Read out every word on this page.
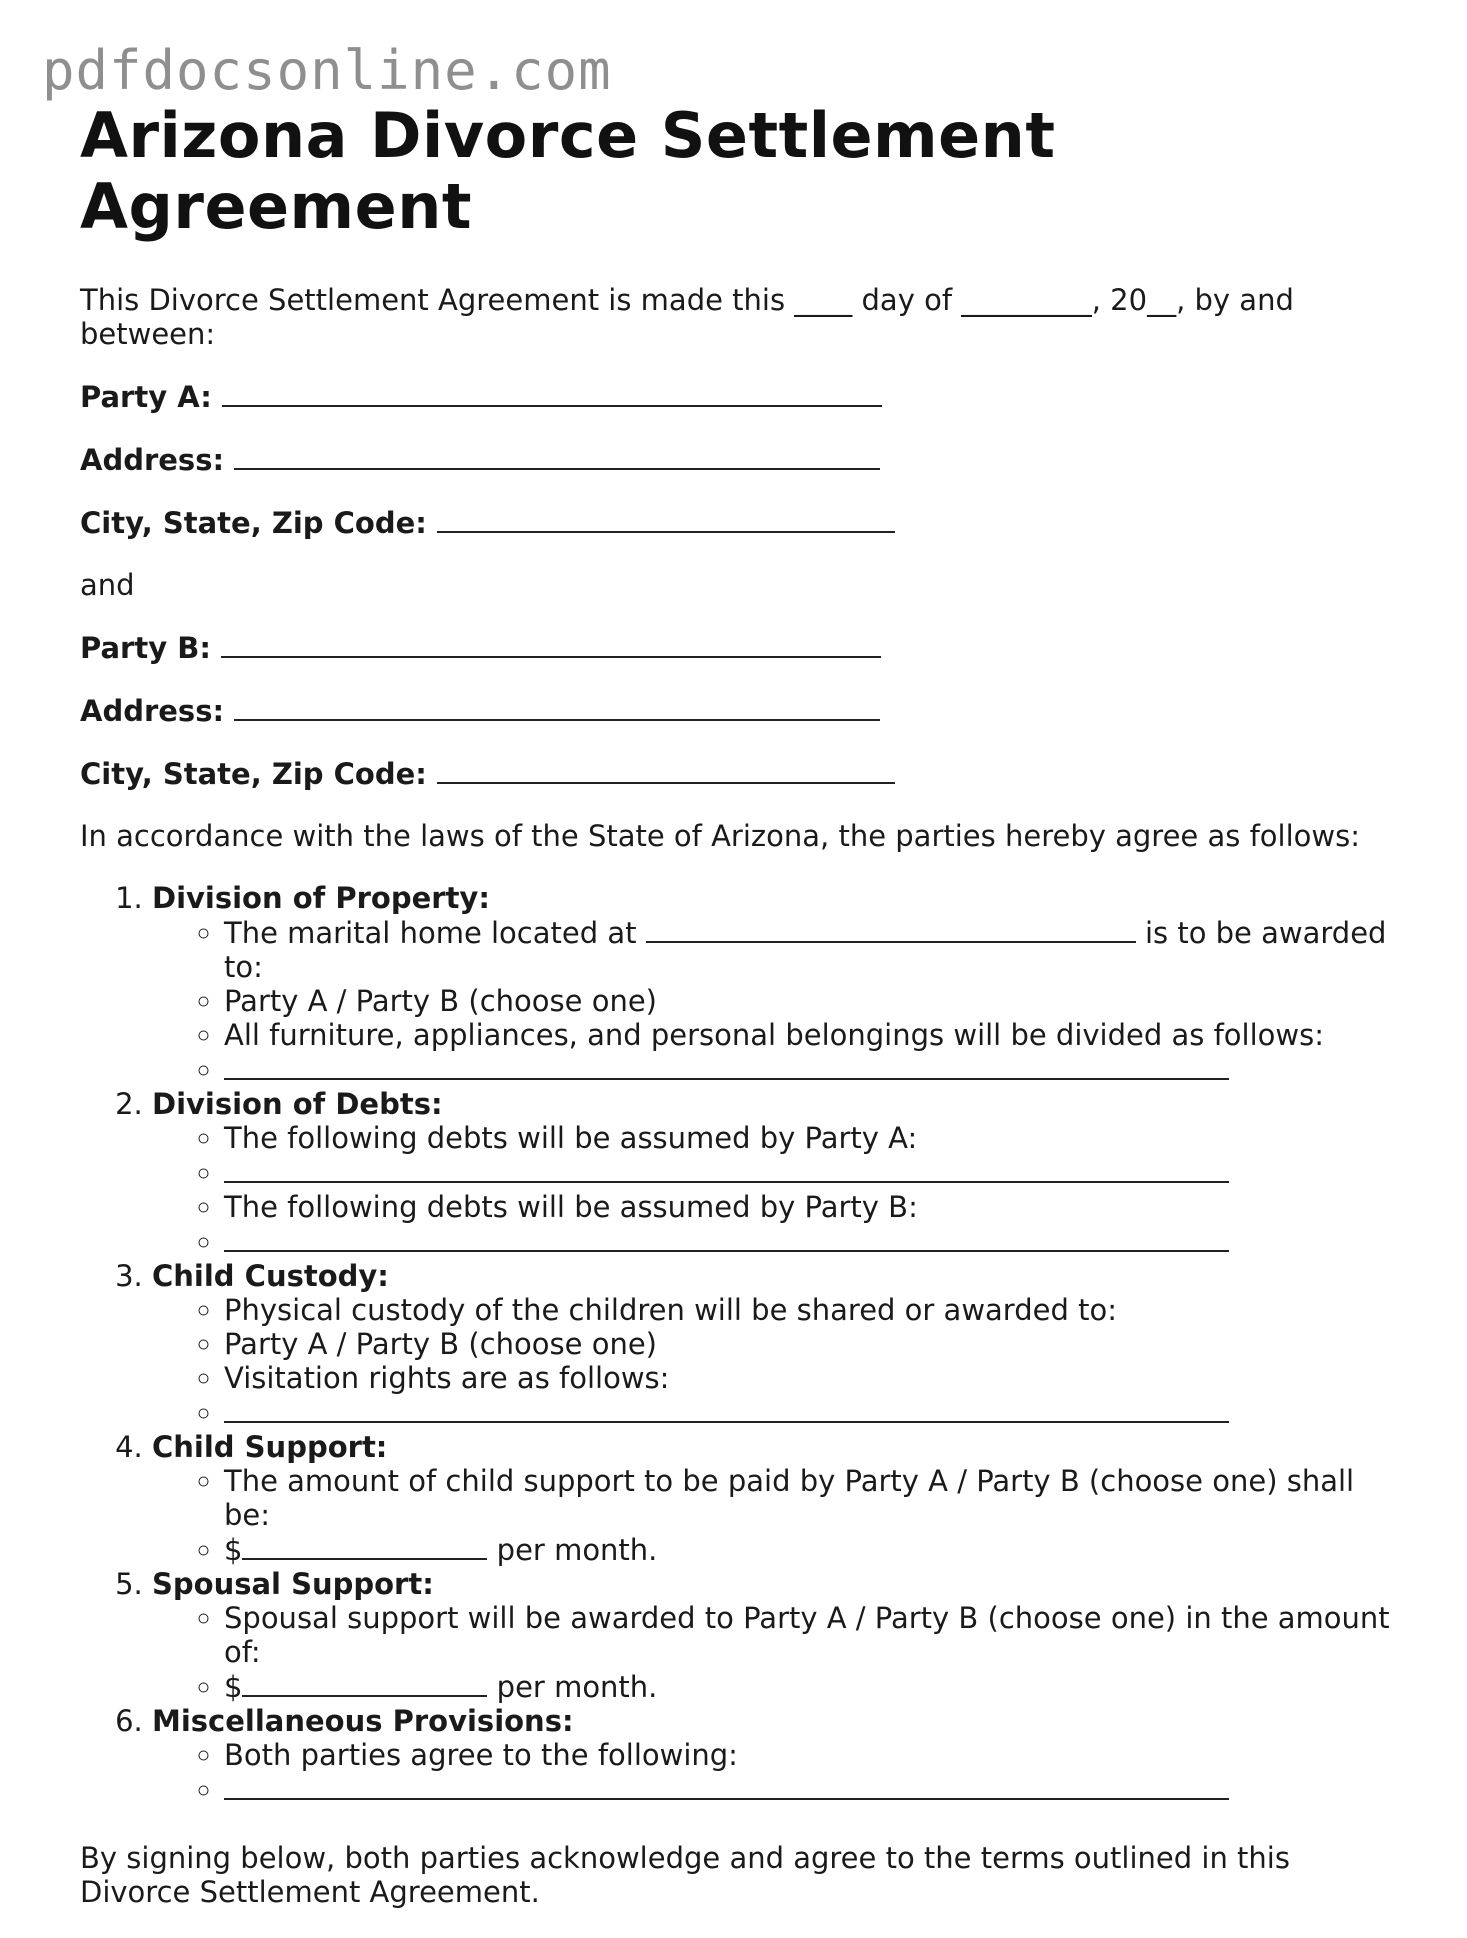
pdfdocsonline.com
Arizona Divorce Settlement Agreement

This Divorce Settlement Agreement is made this ____ day of _________, 20__, by and between:

Party A:
Address:
City, State, Zip Code:
and
Party B:
Address:
City, State, Zip Code:
In accordance with the laws of the State of Arizona, the parties hereby agree as follows:
1. Division of Property:
◦ The marital home located at	is to be awarded to:
◦ Party A / Party B (choose one)
◦ All furniture, appliances, and personal belongings will be divided as follows:
◦
2. Division of Debts:
◦ The following debts will be assumed by Party A:
◦
◦ The following debts will be assumed by Party B:
◦
3. Child Custody:
◦ Physical custody of the children will be shared or awarded to:
◦ Party A / Party B (choose one)
◦ Visitation rights are as follows:
◦
4. Child Support:
◦ The amount of child support to be paid by Party A / Party B (choose one) shall be:
◦ $	per month.
5. Spousal Support:
◦ Spousal support will be awarded to Party A / Party B (choose one) in the amount of:
◦ $	per month.
6. Miscellaneous Provisions:
◦ Both parties agree to the following:
◦

By signing below, both parties acknowledge and agree to the terms outlined in this Divorce Settlement Agreement.
